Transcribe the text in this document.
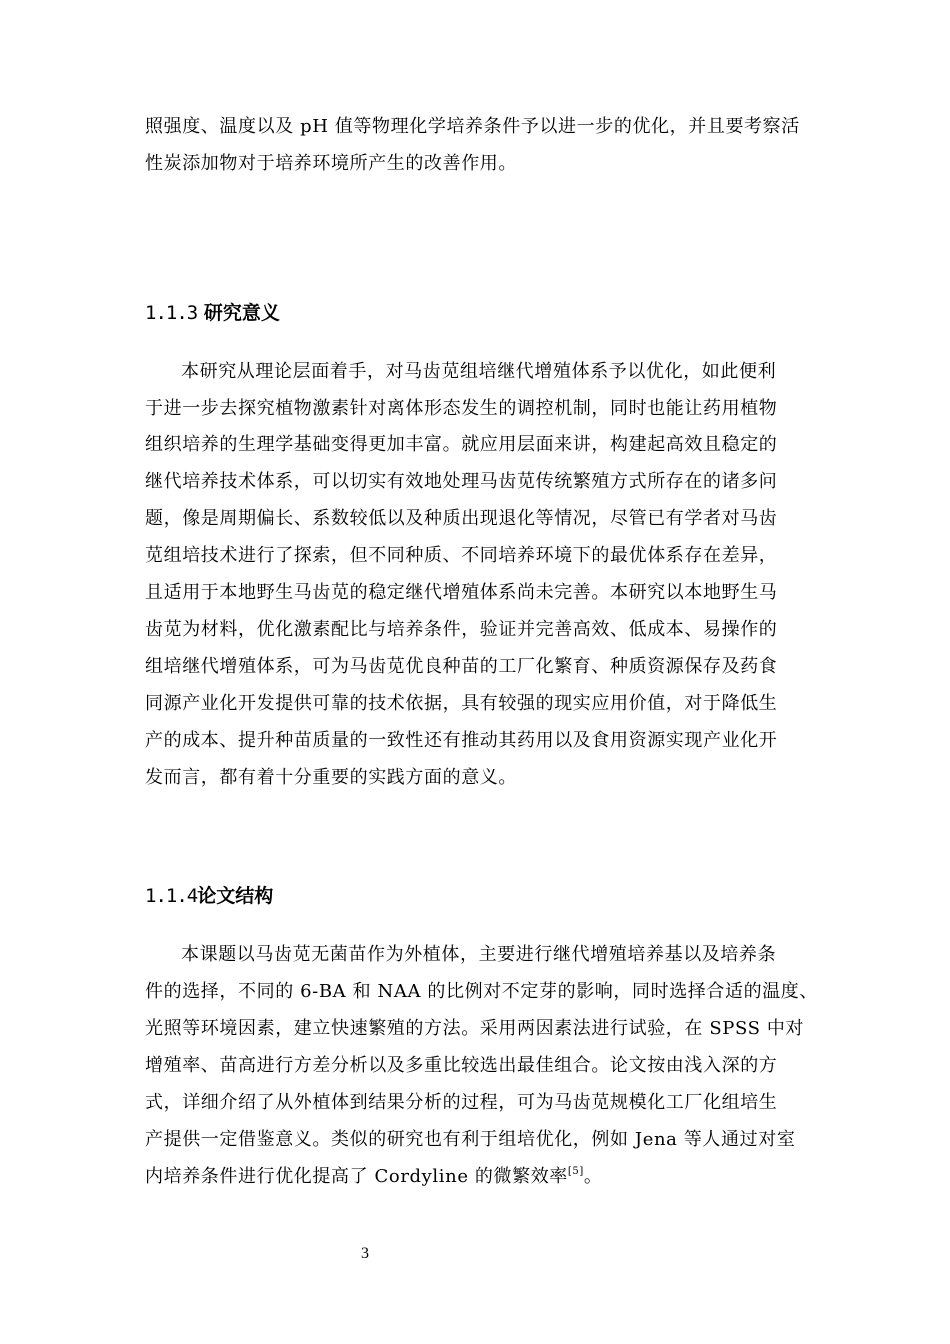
照强度、温度以及 pH 值等物理化学培养条件予以进一步的优化，并且要考察活
性炭添加物对于培养环境所产生的改善作用。
1.1.3 研究意义
本研究从理论层面着手，对马齿苋组培继代增殖体系予以优化，如此便利
于进一步去探究植物激素针对离体形态发生的调控机制，同时也能让药用植物
组织培养的生理学基础变得更加丰富。就应用层面来讲，构建起高效且稳定的
继代培养技术体系，可以切实有效地处理马齿苋传统繁殖方式所存在的诸多问
题，像是周期偏长、系数较低以及种质出现退化等情况，尽管已有学者对马齿
苋组培技术进行了探索，但不同种质、不同培养环境下的最优体系存在差异，
且适用于本地野生马齿苋的稳定继代增殖体系尚未完善。本研究以本地野生马
齿苋为材料，优化激素配比与培养条件，验证并完善高效、低成本、易操作的
组培继代增殖体系，可为马齿苋优良种苗的工厂化繁育、种质资源保存及药食
同源产业化开发提供可靠的技术依据，具有较强的现实应用价值，对于降低生
产的成本、提升种苗质量的一致性还有推动其药用以及食用资源实现产业化开
发而言，都有着十分重要的实践方面的意义。
1.1.4论文结构
本课题以马齿苋无菌苗作为外植体，主要进行继代增殖培养基以及培养条
件的选择，不同的 6-BA 和 NAA 的比例对不定芽的影响，同时选择合适的温度、
光照等环境因素，建立快速繁殖的方法。采用两因素法进行试验，在 SPSS 中对
增殖率、苗高进行方差分析以及多重比较选出最佳组合。论文按由浅入深的方
式，详细介绍了从外植体到结果分析的过程，可为马齿苋规模化工厂化组培生
产提供一定借鉴意义。类似的研究也有利于组培优化，例如 Jena 等人通过对室
内培养条件进行优化提高了 Cordyline 的微繁效率[5]。
3
